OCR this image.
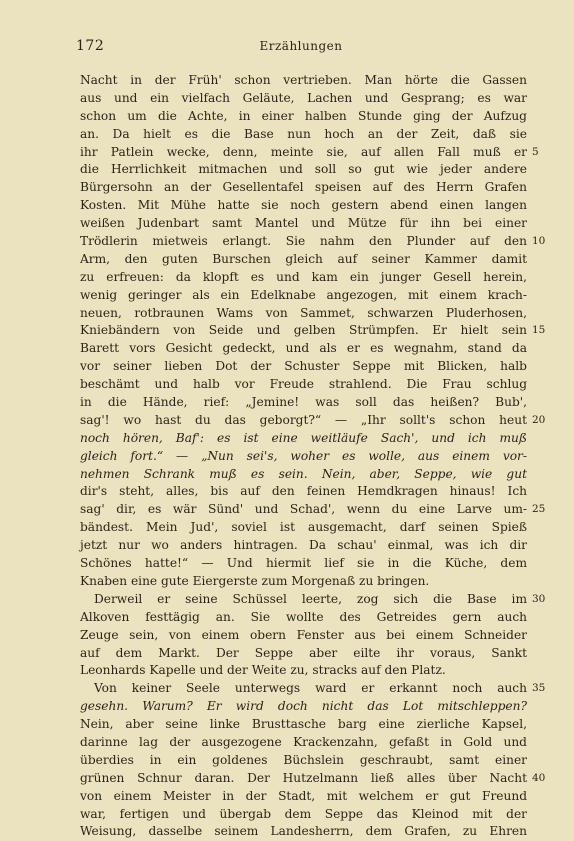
172	Erzählungen
Nacht in der Früh' schon vertrieben. Man hörte die Gassen
aus und ein vielfach Geläute, Lachen und Gesprang; es war
schon um die Achte, in einer halben Stunde ging der Aufzug
an. Da hielt es die Base nun hoch an der Zeit, daß sie
ihr Patlein wecke, denn, meinte sie, auf allen Fall muß er 5
die Herrlichkeit mitmachen und soll so gut wie jeder andere
Bürgersohn an der Gesellentafel speisen auf des Herrn Grafen
Kosten. Mit Mühe hatte sie noch gestern abend einen langen
weißen Judenbart samt Mantel und Mütze für ihn bei einer
Trödlerin mietweis erlangt. Sie nahm den Plunder auf den 10
Arm, den guten Burschen gleich auf seiner Kammer damit
zu erfreuen: da klopft es und kam ein junger Gesell herein,
wenig geringer als ein Edelknabe angezogen, mit einem krach-
neuen, rotbraunen Wams von Sammet, schwarzen Pluderhosen,
Kniebändern von Seide und gelben Strümpfen. Er hielt sein 15
Barett vors Gesicht gedeckt, und als er es wegnahm, stand da
vor seiner lieben Dot der Schuster Seppe mit Blicken, halb
beschämt und halb vor Freude strahlend. Die Frau schlug
in die Hände, rief: „Jemine! was soll das heißen? Bub',
sag'! wo hast du das geborgt?“ — „Ihr sollt's schon heut 20
noch hören, Baf': es ist eine weitläufe Sach', und ich muß
gleich fort.“ — „Nun sei's, woher es wolle, aus einem vor-
nehmen Schrank muß es sein. Nein, aber, Seppe, wie gut
dir's steht, alles, bis auf den feinen Hemdkragen hinaus! Ich
sag' dir, es wär Sünd' und Schad', wenn du eine Larve um- 25
bändest. Mein Jud', soviel ist ausgemacht, darf seinen Spieß
jetzt nur wo anders hintragen. Da schau' einmal, was ich dir
Schönes hatte!“ — Und hiermit lief sie in die Küche, dem
Knaben eine gute Eiergerste zum Morgenaß zu bringen.
Derweil er seine Schüssel leerte, zog sich die Base im 30
Alkoven festtägig an. Sie wollte des Getreides gern auch
Zeuge sein, von einem obern Fenster aus bei einem Schneider
auf dem Markt. Der Seppe aber eilte ihr voraus, Sankt
Leonhards Kapelle und der Weite zu, stracks auf den Platz.
Von keiner Seele unterwegs ward er erkannt noch auch 35
gesehn. Warum? Er wird doch nicht das Lot mitschleppen?
Nein, aber seine linke Brusttasche barg eine zierliche Kapsel,
darinne lag der ausgezogene Krackenzahn, gefaßt in Gold und
überdies in ein goldenes Büchslein geschraubt, samt einer
grünen Schnur daran. Der Hutzelmann ließ alles über Nacht 40
von einem Meister in der Stadt, mit welchem er gut Freund
war, fertigen und übergab dem Seppe das Kleinod mit der
Weisung, dasselbe seinem Landesherrn, dem Grafen, zu Ehren
